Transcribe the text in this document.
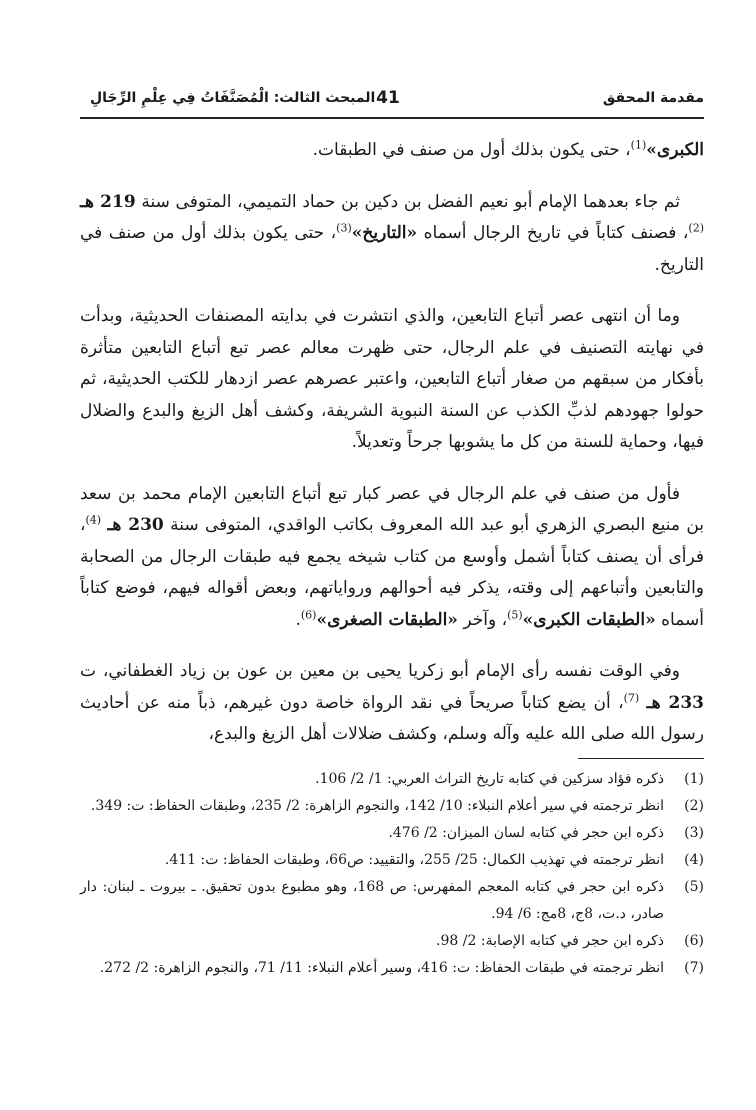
مقدمة المحقق
41
المبحث الثالث: الْمُصَنَّفَاتُ فِي عِلْمِ الرِّجَالِ

الكبرى»$^{(1)}$، حتى يكون بذلك أول من صنف في الطبقات.

ثم جاء بعدهما الإمام أبو نعيم الفضل بن دكين بن حماد التميمي، المتوفى سنة 219 هـ $^{(2)}$، فصنف كتاباً في تاريخ الرجال أسماه «التاريخ»$^{(3)}$، حتى يكون بذلك أول من صنف في التاريخ.

وما أن انتهى عصر أتباع التابعين، والذي انتشرت في بدايته المصنفات الحديثية، وبدأت في نهايته التصنيف في علم الرجال، حتى ظهرت معالم عصر تبع أتباع التابعين متأثرة بأفكار من سبقهم من صغار أتباع التابعين، واعتبر عصرهم عصر ازدهار للكتب الحديثية، ثم حولوا جهودهم لذبِّ الكذب عن السنة النبوية الشريفة، وكشف أهل الزيغ والبدع والضلال فيها، وحماية للسنة من كل ما يشوبها جرحاً وتعديلاً.

فأول من صنف في علم الرجال في عصر كبار تبع أتباع التابعين الإمام محمد بن سعد بن منيع البصري الزهري أبو عبد الله المعروف بكاتب الواقدي، المتوفى سنة 230 هـ $^{(4)}$، فرأى أن يصنف كتاباً أشمل وأوسع من كتاب شيخه يجمع فيه طبقات الرجال من الصحابة والتابعين وأتباعهم إلى وقته، يذكر فيه أحوالهم ورواياتهم، وبعض أقواله فيهم، فوضع كتاباً أسماه «الطبقات الكبرى»$^{(5)}$، وآخر «الطبقات الصغرى»$^{(6)}$.

وفي الوقت نفسه رأى الإمام أبو زكريا يحيى بن معين بن عون بن زياد الغطفاني، ت 233 هـ $^{(7)}$، أن يضع كتاباً صريحاً في نقد الرواة خاصة دون غيرهم، ذباً منه عن أحاديث رسول الله صلى الله عليه وآله وسلم، وكشف ضلالات أهل الزيغ والبدع،

(1)
ذكره فؤاد سزكين في كتابه تاريخ التراث العربي: 1/ 2/ 106.
(2)
انظر ترجمته في سير أعلام النبلاء: 10/ 142، والنجوم الزاهرة: 2/ 235، وطبقات الحفاظ: ت: 349.
(3)
ذكره ابن حجر في كتابه لسان الميزان: 2/ 476.
(4)
انظر ترجمته في تهذيب الكمال: 25/ 255، والتقييد: ص66، وطبقات الحفاظ: ت: 411.
(5)
ذكره ابن حجر في كتابه المعجم المفهرس: ص 168، وهو مطبوع بدون تحقيق. ـ بيروت ـ لبنان: دار صادر، د.ت، 8ج، 8مج: 6/ 94.
(6)
ذكره ابن حجر في كتابه الإصابة: 2/ 98.
(7)
انظر ترجمته في طبقات الحفاظ: ت: 416، وسير أعلام النبلاء: 11/ 71، والنجوم الزاهرة: 2/ 272.
